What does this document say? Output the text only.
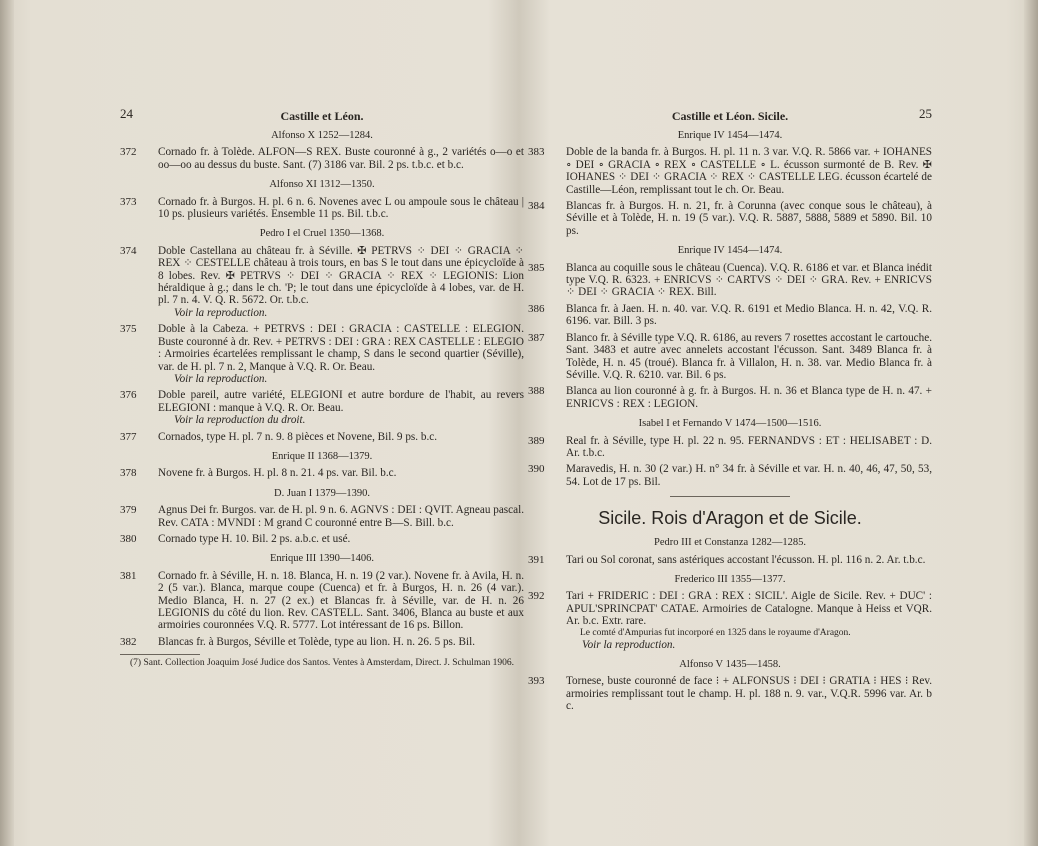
24	Castille et Léon.
Alfonso X 1252—1284.
372 Cornado fr. à Tolède. ALFON—S REX. Buste couronné à g., 2 variétés o—o et oo—oo au dessus du buste. Sant. (7) 3186 var. Bil. 2 ps. t.b.c. et b.c.
Alfonso XI 1312—1350.
373 Cornado fr. à Burgos. H. pl. 6 n. 6. Novenes avec L ou ampoule sous le château | 10 ps. plusieurs variétés. Ensemble 11 ps. Bil. t.b.c.
Pedro I el Cruel 1350—1368.
374 Doble Castellana au château fr. à Séville. ✠ PETRVS ⁘ DEI ⁘ GRACIA ⁘ REX ⁘ CESTELLE château à trois tours, en bas S le tout dans une épicycloïde à 8 lobes. Rev. ✠ PETRVS ⁘ DEI ⁘ GRACIA ⁘ REX ⁘ LEGIONIS: Lion héraldique à g.; dans le ch. 'P; le tout dans une épicycloïde à 4 lobes, var. de H. pl. 7 n. 4. V. Q. R. 5672. Or. t.b.c.
Voir la reproduction.
375 Doble à la Cabeza. + PETRVS : DEI : GRACIA : CASTELLE : ELEGION. Buste couronné à dr. Rev. + PETRVS : DEI : GRA : REX CASTELLE : ELEGIO : Armoiries écartelées remplissant le champ, S dans le second quartier (Séville), var. de H. pl. 7 n. 2, Manque à V.Q. R. Or. Beau.
Voir la reproduction.
376 Doble pareil, autre variété, ELEGIONI et autre bordure de l'habit, au revers ELEGIONI : manque à V.Q. R. Or. Beau.
Voir la reproduction du droit.
377 Cornados, type H. pl. 7 n. 9. 8 pièces et Novene, Bil. 9 ps. b.c.
Enrique II 1368—1379.
378 Novene fr. à Burgos. H. pl. 8 n. 21. 4 ps. var. Bil. b.c.
D. Juan I 1379—1390.
379 Agnus Dei fr. Burgos. var. de H. pl. 9 n. 6. AGNVS : DEI : QVIT. Agneau pascal. Rev. CATA : MVNDI : M grand C couronné entre B—S. Bill. b.c.
380 Cornado type H. 10. Bil. 2 ps. a.b.c. et usé.
Enrique III 1390—1406.
381 Cornado fr. à Séville, H. n. 18. Blanca, H. n. 19 (2 var.). Novene fr. à Avila, H. n. 2 (5 var.). Blanca, marque coupe (Cuenca) et fr. à Burgos, H. n. 26 (4 var.). Medio Blanca, H. n. 27 (2 ex.) et Blancas fr. à Séville, var. de H. n. 26 LEGIONIS du côté du lion. Rev. CASTELL. Sant. 3406, Blanca au buste et aux armoiries couronnées V.Q. R. 5777. Lot intéressant de 16 ps. Billon.
382 Blancas fr. à Burgos, Séville et Tolède, type au lion. H. n. 26. 5 ps. Bil.
(7) Sant. Collection Joaquim José Judice dos Santos. Ventes à Amsterdam, Direct. J. Schulman 1906.
Castille et Léon. Sicile.	25
Enrique IV 1454—1474.
383 Doble de la banda fr. à Burgos. H. pl. 11 n. 3 var. V.Q. R. 5866 var. + IOHANES ∘ DEI ∘ GRACIA ∘ REX ∘ CASTELLE ∘ L. écusson surmonté de B. Rev. ✠ IOHANES ⁘ DEI ⁘ GRACIA ⁘ REX ⁘ CASTELLE LEG. écusson écartelé de Castille—Léon, remplissant tout le ch. Or. Beau.
384 Blancas fr. à Burgos. H. n. 21, fr. à Corunna (avec conque sous le château), à Séville et à Tolède, H. n. 19 (5 var.). V.Q. R. 5887, 5888, 5889 et 5890. Bil. 10 ps.
Enrique IV 1454—1474.
385 Blanca au coquille sous le château (Cuenca). V.Q. R. 6186 et var. et Blanca inédit type V.Q. R. 6323. + ENRICVS ⁘ CARTVS ⁘ DEI ⁘ GRA. Rev. + ENRICVS ⁘ DEI ⁘ GRACIA ⁘ REX. Bill.
386 Blanca fr. à Jaen. H. n. 40. var. V.Q. R. 6191 et Medio Blanca. H. n. 42, V.Q. R. 6196. var. Bill. 3 ps.
387 Blanco fr. à Séville type V.Q. R. 6186, au revers 7 rosettes accostant le cartouche. Sant. 3483 et autre avec annelets accostant l'écusson. Sant. 3489 Blanca fr. à Tolède, H. n. 45 (troué). Blanca fr. à Villalon, H. n. 38. var. Medio Blanca fr. à Séville. V.Q. R. 6210. var. Bil. 6 ps.
388 Blanca au lion couronné à g. fr. à Burgos. H. n. 36 et Blanca type de H. n. 47. + ENRICVS : REX : LEGION.
Isabel I et Fernando V 1474—1500—1516.
389 Real fr. à Séville, type H. pl. 22 n. 95. FERNANDVS : ET : HELISABET : D. Ar. t.b.c.
390 Maravedis, H. n. 30 (2 var.) H. n° 34 fr. à Séville et var. H. n. 40, 46, 47, 50, 53, 54. Lot de 17 ps. Bil.
Sicile. Rois d'Aragon et de Sicile.
Pedro III et Constanza 1282—1285.
391 Tari ou Sol coronat, sans astériques accostant l'écusson. H. pl. 116 n. 2. Ar. t.b.c.
Frederico III 1355—1377.
392 Tari + FRIDERIC : DEI : GRA : REX : SICIL'. Aigle de Sicile. Rev. + DUC' : APUL'SPRINCPAT' CATAE. Armoiries de Catalogne. Manque à Heiss et VQR. Ar. b.c. Extr. rare.
Le comté d'Ampurias fut incorporé en 1325 dans le royaume d'Aragon.
Voir la reproduction.
Alfonso V 1435—1458.
393 Tornese, buste couronné de face ⁝ + ALFONSUS ⁝ DEI ⁝ GRATIA ⁝ HES ⁝ Rev. armoiries remplissant tout le champ. H. pl. 188 n. 9. var., V.Q.R. 5996 var. Ar. b c.
